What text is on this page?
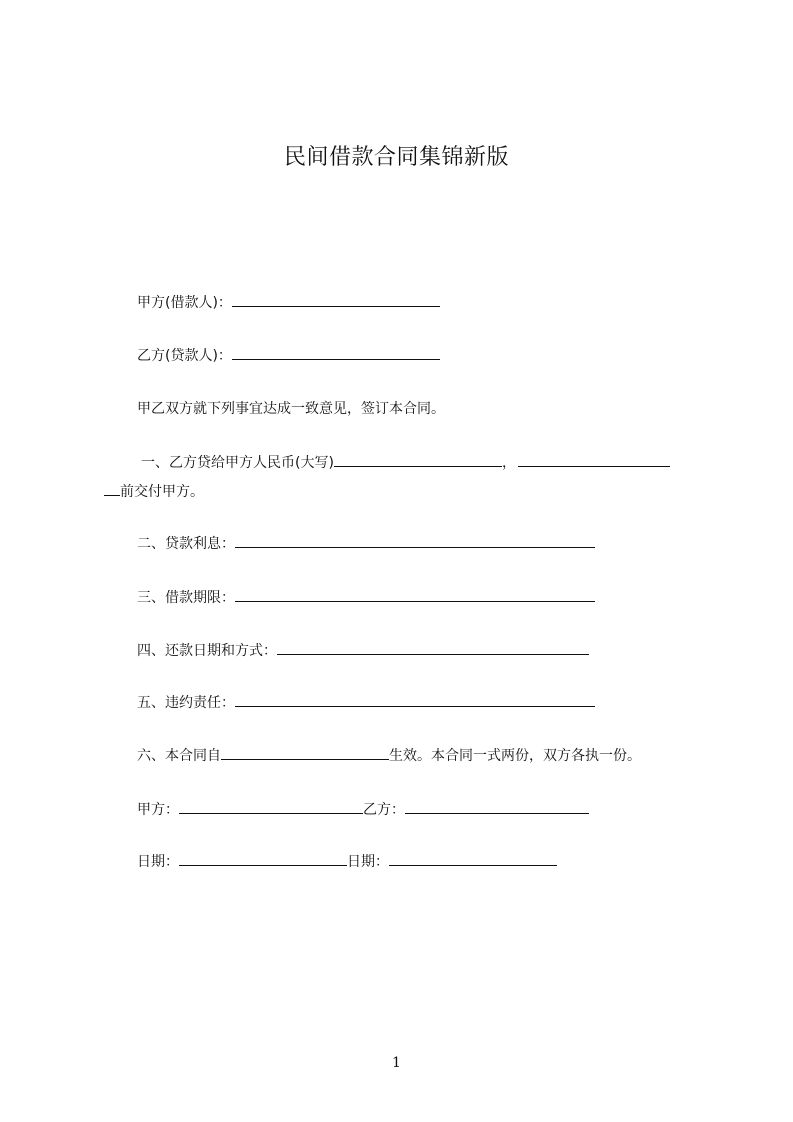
民间借款合同集锦新版
甲方(借款人)：
乙方(贷款人)：
甲乙双方就下列事宜达成一致意见，签订本合同。
一、乙方贷给甲方人民币(大写)	，
前交付甲方。
二、贷款利息：
三、借款期限：
四、还款日期和方式：
五、违约责任：
六、本合同自	生效。本合同一式两份，双方各执一份。
甲方：	乙方：
日期：	日期：
1
